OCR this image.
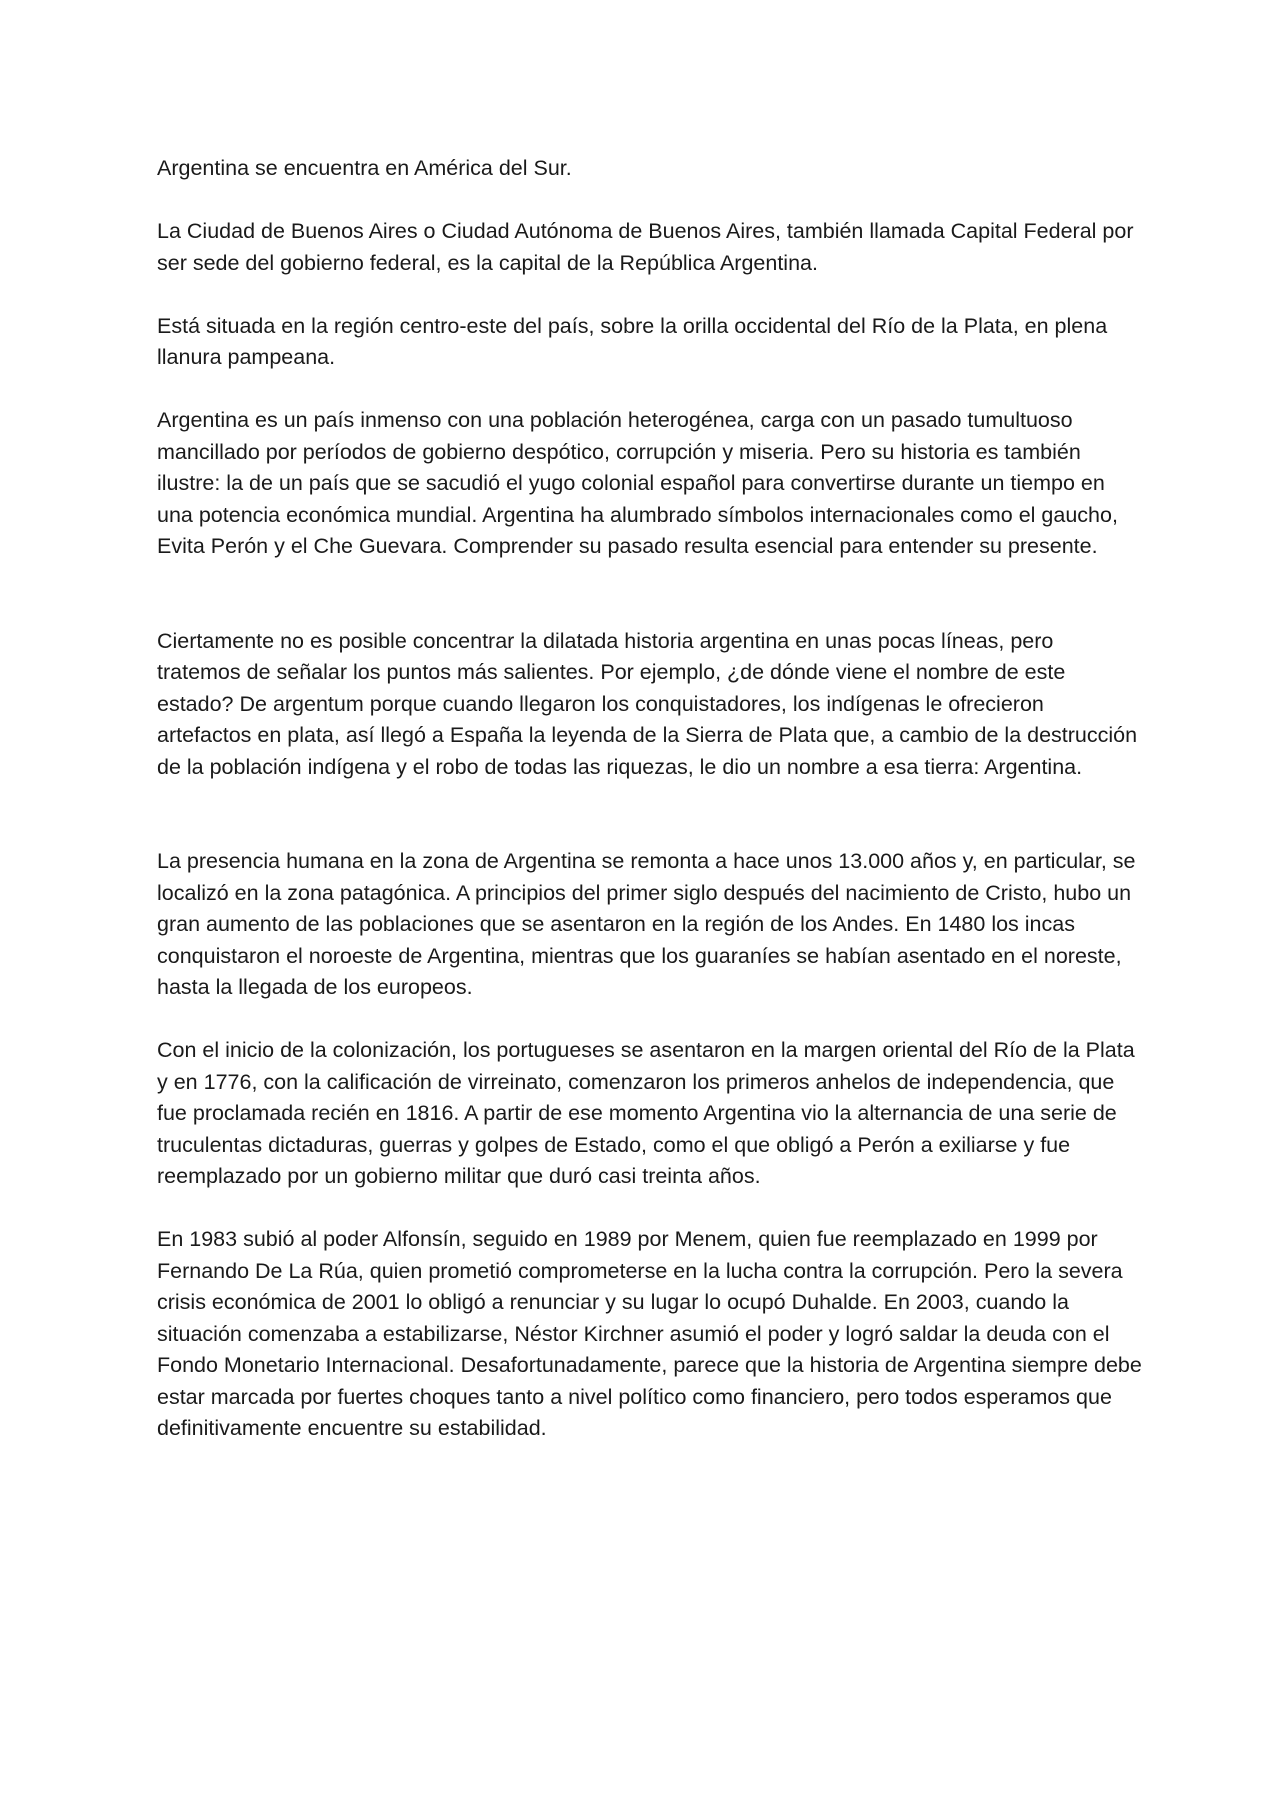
Argentina se encuentra en América del Sur.

La Ciudad de Buenos Aires o Ciudad Autónoma de Buenos Aires, también llamada Capital Federal por ser sede del gobierno federal, es la capital de la República Argentina.

Está situada en la región centro-este del país, sobre la orilla occidental del Río de la Plata, en plena llanura pampeana.

Argentina es un país inmenso con una población heterogénea, carga con un pasado tumultuoso mancillado por períodos de gobierno despótico, corrupción y miseria. Pero su historia es también ilustre: la de un país que se sacudió el yugo colonial español para convertirse durante un tiempo en una potencia económica mundial. Argentina ha alumbrado símbolos internacionales como el gaucho, Evita Perón y el Che Guevara. Comprender su pasado resulta esencial para entender su presente.

Ciertamente no es posible concentrar la dilatada historia argentina en unas pocas líneas, pero tratemos de señalar los puntos más salientes. Por ejemplo, ¿de dónde viene el nombre de este estado? De argentum porque cuando llegaron los conquistadores, los indígenas le ofrecieron artefactos en plata, así llegó a España la leyenda de la Sierra de Plata que, a cambio de la destrucción de la población indígena y el robo de todas las riquezas, le dio un nombre a esa tierra: Argentina.

La presencia humana en la zona de Argentina se remonta a hace unos 13.000 años y, en particular, se localizó en la zona patagónica. A principios del primer siglo después del nacimiento de Cristo, hubo un gran aumento de las poblaciones que se asentaron en la región de los Andes. En 1480 los incas conquistaron el noroeste de Argentina, mientras que los guaraníes se habían asentado en el noreste, hasta la llegada de los europeos.

Con el inicio de la colonización, los portugueses se asentaron en la margen oriental del Río de la Plata y en 1776, con la calificación de virreinato, comenzaron los primeros anhelos de independencia, que fue proclamada recién en 1816. A partir de ese momento Argentina vio la alternancia de una serie de truculentas dictaduras, guerras y golpes de Estado, como el que obligó a Perón a exiliarse y fue reemplazado por un gobierno militar que duró casi treinta años.

En 1983 subió al poder Alfonsín, seguido en 1989 por Menem, quien fue reemplazado en 1999 por Fernando De La Rúa, quien prometió comprometerse en la lucha contra la corrupción. Pero la severa crisis económica de 2001 lo obligó a renunciar y su lugar lo ocupó Duhalde. En 2003, cuando la situación comenzaba a estabilizarse, Néstor Kirchner asumió el poder y logró saldar la deuda con el Fondo Monetario Internacional. Desafortunadamente, parece que la historia de Argentina siempre debe estar marcada por fuertes choques tanto a nivel político como financiero, pero todos esperamos que definitivamente encuentre su estabilidad.
